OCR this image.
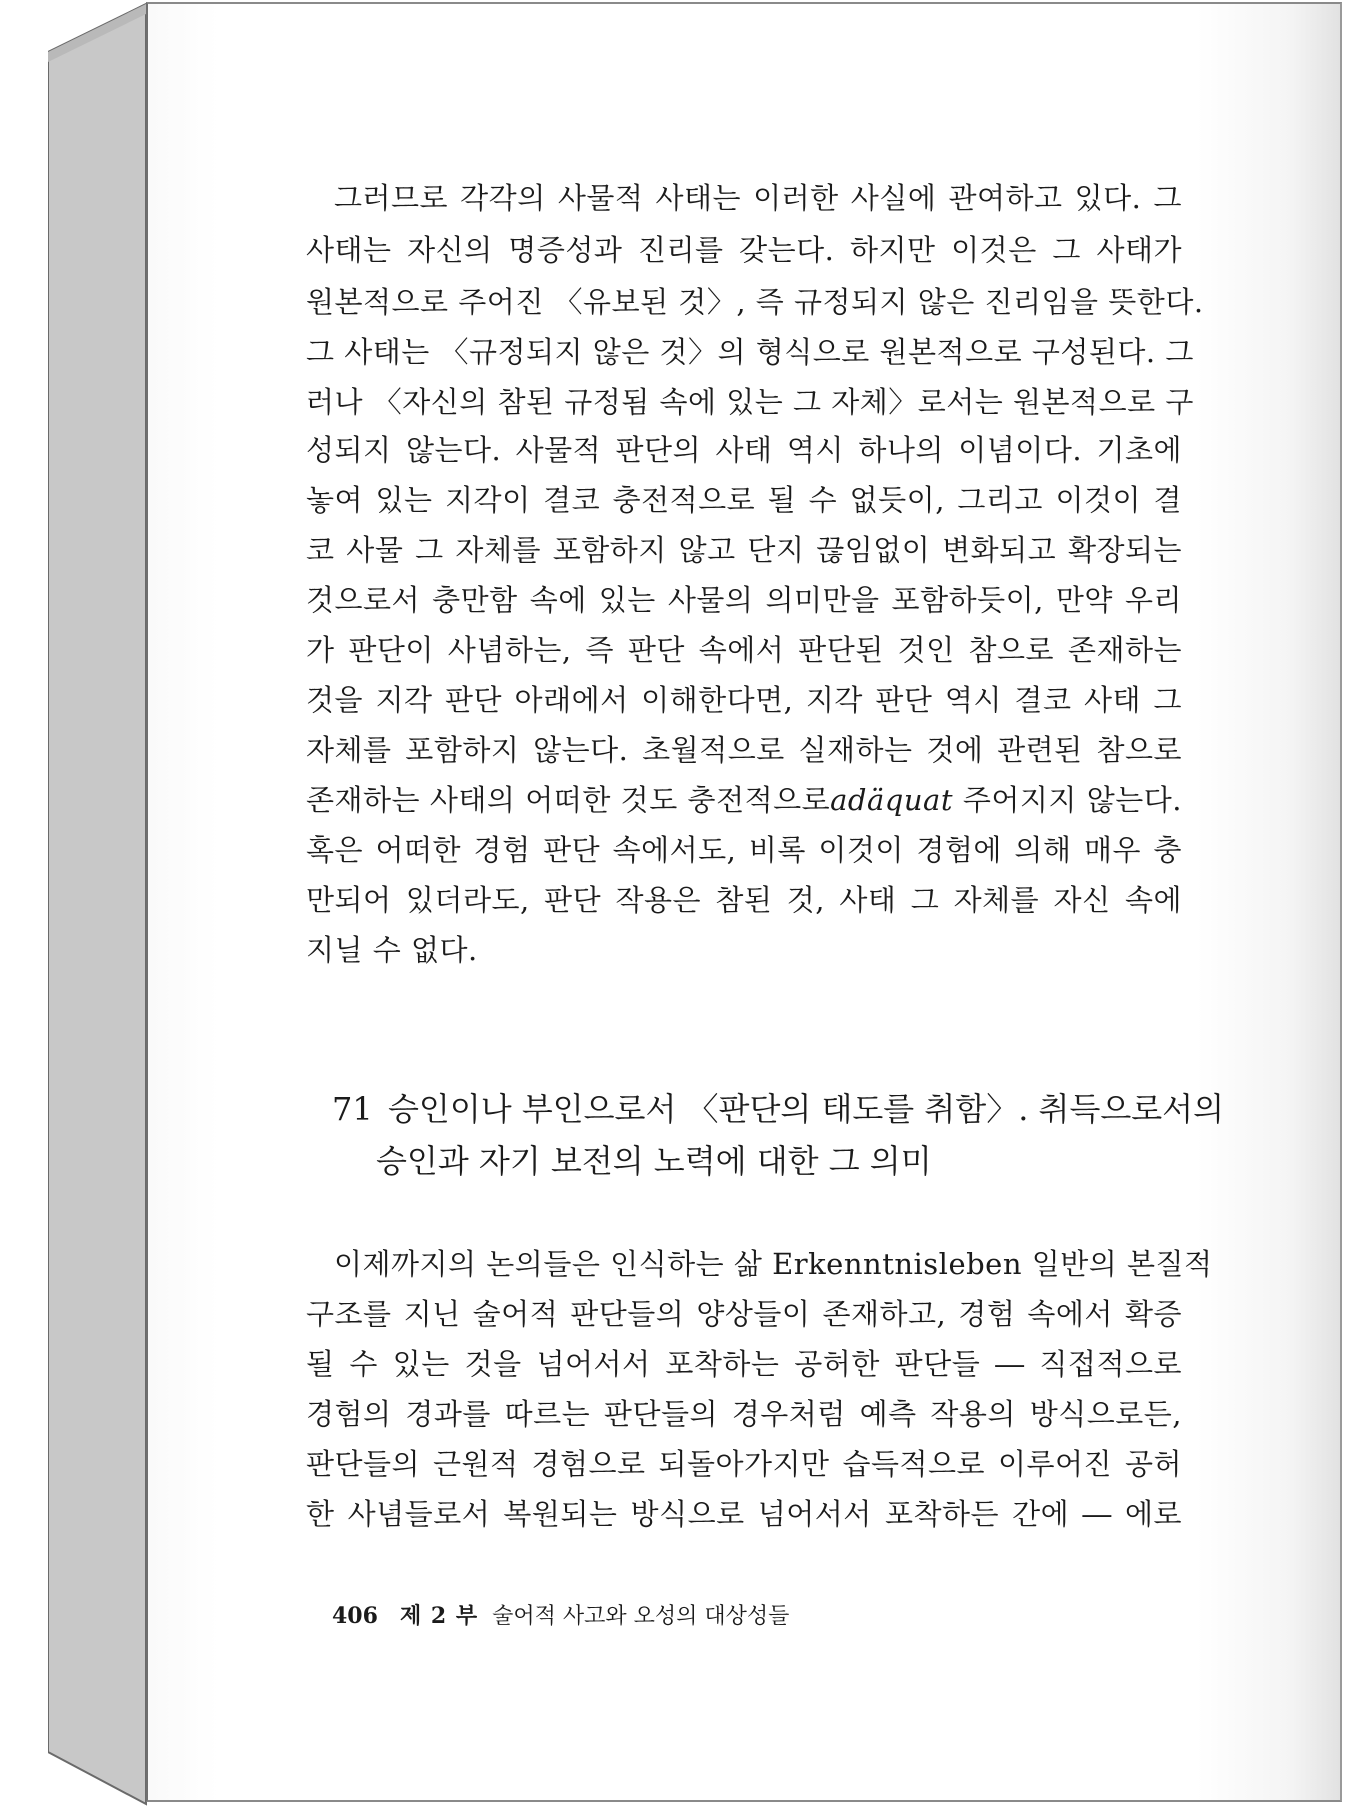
그러므로 각각의 사물적 사태는 이러한 사실에 관여하고 있다. 그
사태는 자신의 명증성과 진리를 갖는다. 하지만 이것은 그 사태가
원본적으로 주어진 〈유보된 것〉, 즉 규정되지 않은 진리임을 뜻한다.
그 사태는 〈규정되지 않은 것〉의 형식으로 원본적으로 구성된다. 그
러나 〈자신의 참된 규정됨 속에 있는 그 자체〉로서는 원본적으로 구
성되지 않는다. 사물적 판단의 사태 역시 하나의 이념이다. 기초에
놓여 있는 지각이 결코 충전적으로 될 수 없듯이, 그리고 이것이 결
코 사물 그 자체를 포함하지 않고 단지 끊임없이 변화되고 확장되는
것으로서 충만함 속에 있는 사물의 의미만을 포함하듯이, 만약 우리
가 판단이 사념하는, 즉 판단 속에서 판단된 것인 참으로 존재하는
것을 지각 판단 아래에서 이해한다면, 지각 판단 역시 결코 사태 그
자체를 포함하지 않는다. 초월적으로 실재하는 것에 관련된 참으로
존재하는 사태의 어떠한 것도 충전적으로adäquat 주어지지 않는다.
혹은 어떠한 경험 판단 속에서도, 비록 이것이 경험에 의해 매우 충
만되어 있더라도, 판단 작용은 참된 것, 사태 그 자체를 자신 속에
지닐 수 없다.
71 승인이나 부인으로서 〈판단의 태도를 취함〉. 취득으로서의
승인과 자기 보전의 노력에 대한 그 의미
이제까지의 논의들은 인식하는 삶 Erkenntnisleben 일반의 본질적
구조를 지닌 술어적 판단들의 양상들이 존재하고, 경험 속에서 확증
될 수 있는 것을 넘어서서 포착하는 공허한 판단들 ― 직접적으로
경험의 경과를 따르는 판단들의 경우처럼 예측 작용의 방식으로든,
판단들의 근원적 경험으로 되돌아가지만 습득적으로 이루어진 공허
한 사념들로서 복원되는 방식으로 넘어서서 포착하든 간에 ― 에로
406 제 2 부 술어적 사고와 오성의 대상성들
